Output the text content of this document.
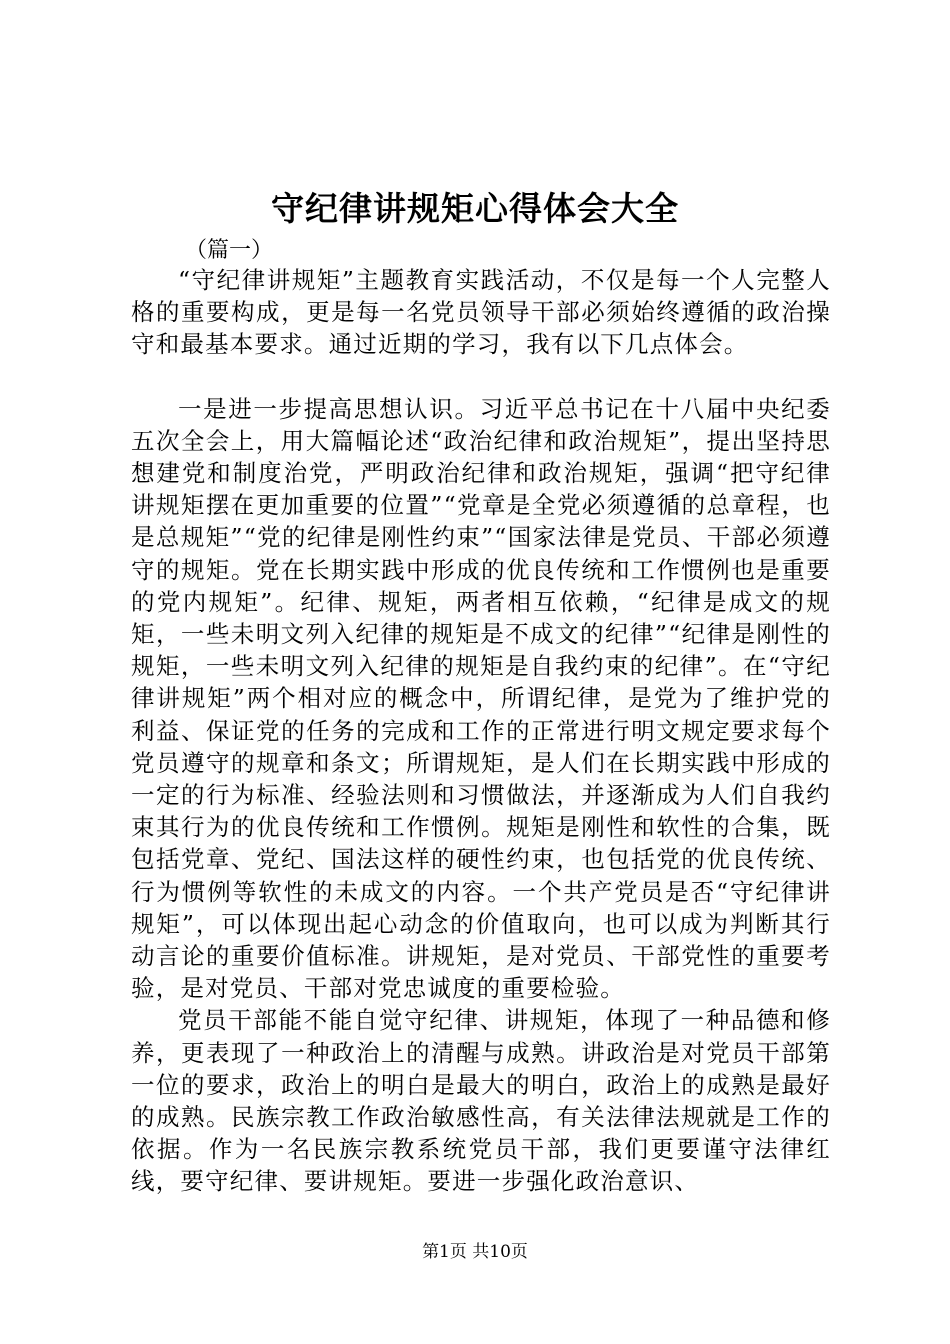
守纪律讲规矩心得体会大全
（篇一）

“守纪律讲规矩”主题教育实践活动，不仅是每一个人完整人格的重要构成，更是每一名党员领导干部必须始终遵循的政治操守和最基本要求。通过近期的学习，我有以下几点体会。

一是进一步提高思想认识。习近平总书记在十八届中央纪委五次全会上，用大篇幅论述“政治纪律和政治规矩”，提出坚持思想建党和制度治党，严明政治纪律和政治规矩，强调“把守纪律讲规矩摆在更加重要的位置”“党章是全党必须遵循的总章程，也是总规矩”“党的纪律是刚性约束”“国家法律是党员、干部必须遵守的规矩。党在长期实践中形成的优良传统和工作惯例也是重要的党内规矩”。纪律、规矩，两者相互依赖，“纪律是成文的规矩，一些未明文列入纪律的规矩是不成文的纪律”“纪律是刚性的规矩，一些未明文列入纪律的规矩是自我约束的纪律”。在“守纪律讲规矩”两个相对应的概念中，所谓纪律，是党为了维护党的利益、保证党的任务的完成和工作的正常进行明文规定要求每个党员遵守的规章和条文；所谓规矩，是人们在长期实践中形成的一定的行为标准、经验法则和习惯做法，并逐渐成为人们自我约束其行为的优良传统和工作惯例。规矩是刚性和软性的合集，既包括党章、党纪、国法这样的硬性约束，也包括党的优良传统、行为惯例等软性的未成文的内容。一个共产党员是否“守纪律讲规矩”，可以体现出起心动念的价值取向，也可以成为判断其行动言论的重要价值标准。讲规矩，是对党员、干部党性的重要考验，是对党员、干部对党忠诚度的重要检验。

党员干部能不能自觉守纪律、讲规矩，体现了一种品德和修养，更表现了一种政治上的清醒与成熟。讲政治是对党员干部第一位的要求，政治上的明白是最大的明白，政治上的成熟是最好的成熟。民族宗教工作政治敏感性高，有关法律法规就是工作的依据。作为一名民族宗教系统党员干部，我们更要谨守法律红线，要守纪律、要讲规矩。要进一步强化政治意识、

第1页 共10页
